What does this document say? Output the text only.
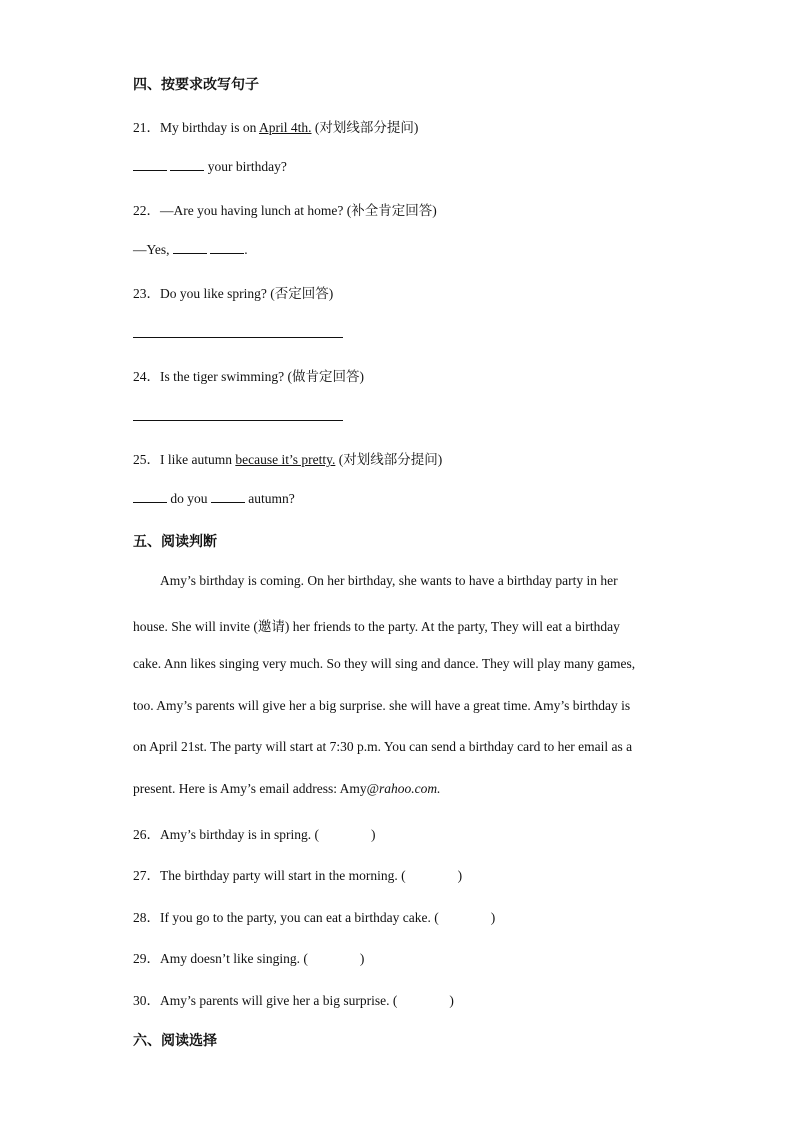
四、按要求改写句子
21．My birthday is on April 4th. (对划线部分提问)
your birthday?
22．—Are you having lunch at home? (补全肯定回答)
—Yes,	.
23．Do you like spring? (否定回答)
24．Is the tiger swimming? (做肯定回答)
25．I like autumn because it’s pretty. (对划线部分提问)
do you	autumn?
五、阅读判断
Amy’s birthday is coming. On her birthday, she wants to have a birthday party in her
house. She will invite (邀请) her friends to the party. At the party, They will eat a birthday
cake. Ann likes singing very much. So they will sing and dance. They will play many games,
too. Amy’s parents will give her a big surprise. she will have a great time. Amy’s birthday is
on April 21st. The party will start at 7:30 p.m. You can send a birthday card to her email as a
present. Here is Amy’s email address: Amy@rahoo.com.
26．Amy’s birthday is in spring. (	)
27．The birthday party will start in the morning. (	)
28．If you go to the party, you can eat a birthday cake. (	)
29．Amy doesn’t like singing. (	)
30．Amy’s parents will give her a big surprise. (	)
六、阅读选择
